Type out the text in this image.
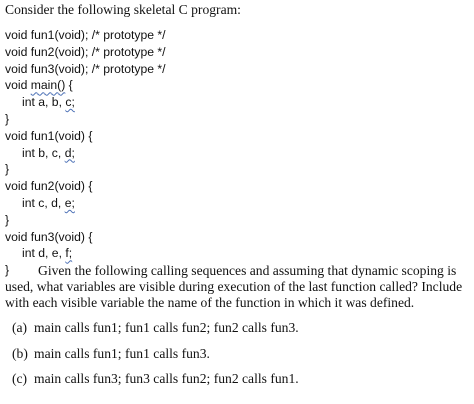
Consider the following skeletal C program:
void fun1(void); /* prototype */
void fun2(void); /* prototype */
void fun3(void); /* prototype */
void main() {
int a, b, c;
}
void fun1(void) {
int b, c, d;
}
void fun2(void) {
int c, d, e;
}
void fun3(void) {
int d, e, f;
}	Given the following calling sequences and assuming that dynamic scoping is used, what variables are visible during execution of the last function called? Include with each visible variable the name of the function in which it was defined.
(a) main calls fun1; fun1 calls fun2; fun2 calls fun3.
(b) main calls fun1; fun1 calls fun3.
(c) main calls fun3; fun3 calls fun2; fun2 calls fun1.
